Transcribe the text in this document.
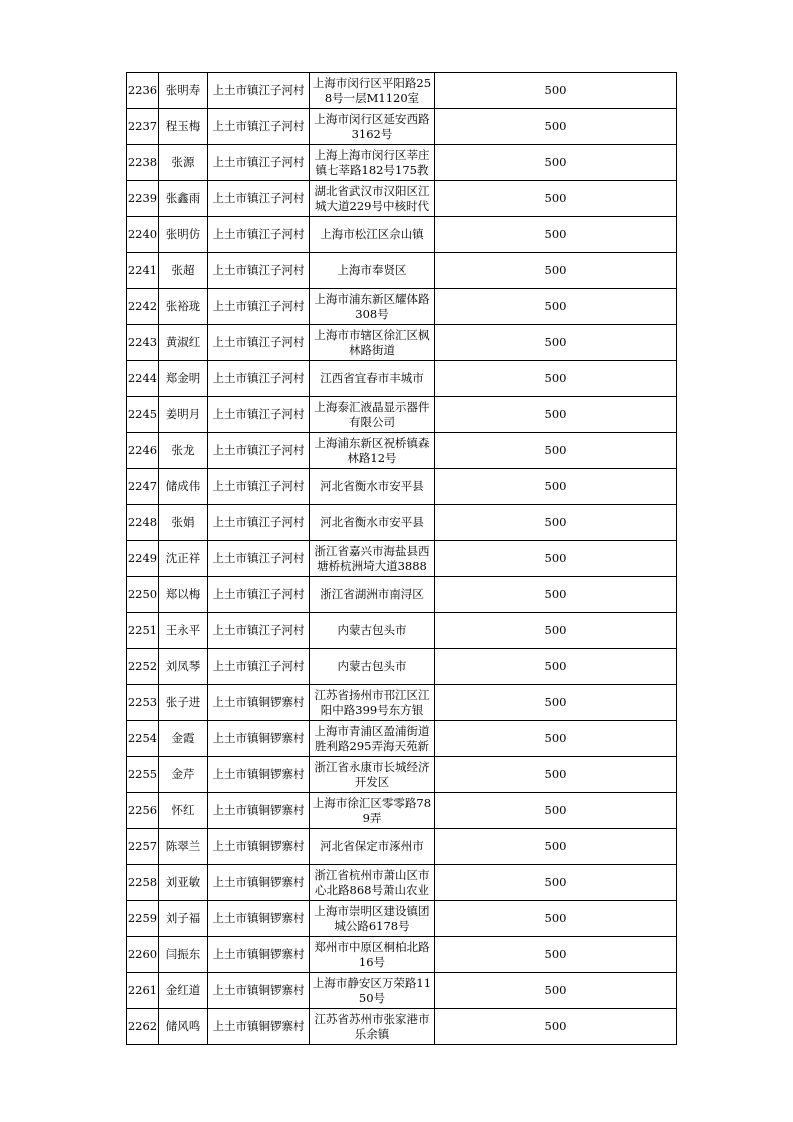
2236	张明寿	上土市镇江子河村	上海市闵行区平阳路258号一层M1120室	500
2237	程玉梅	上土市镇江子河村	上海市闵行区延安西路3162号	500
2238	张源	上土市镇江子河村	上海上海市闵行区莘庄镇七莘路182号175教	500
2239	张鑫雨	上土市镇江子河村	湖北省武汉市汉阳区江城大道229号中核时代	500
2240	张明仿	上土市镇江子河村	上海市松江区佘山镇	500
2241	张超	上土市镇江子河村	上海市奉贤区	500
2242	张裕珑	上土市镇江子河村	上海市浦东新区耀体路308号	500
2243	黄淑红	上土市镇江子河村	上海市市辖区徐汇区枫林路街道	500
2244	郑金明	上土市镇江子河村	江西省宜春市丰城市	500
2245	姜明月	上土市镇江子河村	上海泰汇液晶显示器件有限公司	500
2246	张龙	上土市镇江子河村	上海浦东新区祝桥镇森林路12号	500
2247	储成伟	上土市镇江子河村	河北省衡水市安平县	500
2248	张娟	上土市镇江子河村	河北省衡水市安平县	500
2249	沈正祥	上土市镇江子河村	浙江省嘉兴市海盐县西塘桥杭洲埼大道3888	500
2250	郑以梅	上土市镇江子河村	浙江省湖洲市南浔区	500
2251	王永平	上土市镇江子河村	内蒙古包头市	500
2252	刘凤琴	上土市镇江子河村	内蒙古包头市	500
2253	张子进	上土市镇铜锣寨村	江苏省扬州市邗江区江阳中路399号东方银	500
2254	金霞	上土市镇铜锣寨村	上海市青浦区盈浦街道胜利路295弄海天苑新	500
2255	金芹	上土市镇铜锣寨村	浙江省永康市长城经济开发区	500
2256	怀红	上土市镇铜锣寨村	上海市徐汇区零零路789弄	500
2257	陈翠兰	上土市镇铜锣寨村	河北省保定市涿州市	500
2258	刘亚敏	上土市镇铜锣寨村	浙江省杭州市萧山区市心北路868号萧山农业	500
2259	刘子福	上土市镇铜锣寨村	上海市崇明区建设镇团城公路6178号	500
2260	闫振东	上土市镇铜锣寨村	郑州市中原区桐柏北路16号	500
2261	金红道	上土市镇铜锣寨村	上海市静安区万荣路1150号	500
2262	储风鸣	上土市镇铜锣寨村	江苏省苏州市张家港市乐余镇	500
